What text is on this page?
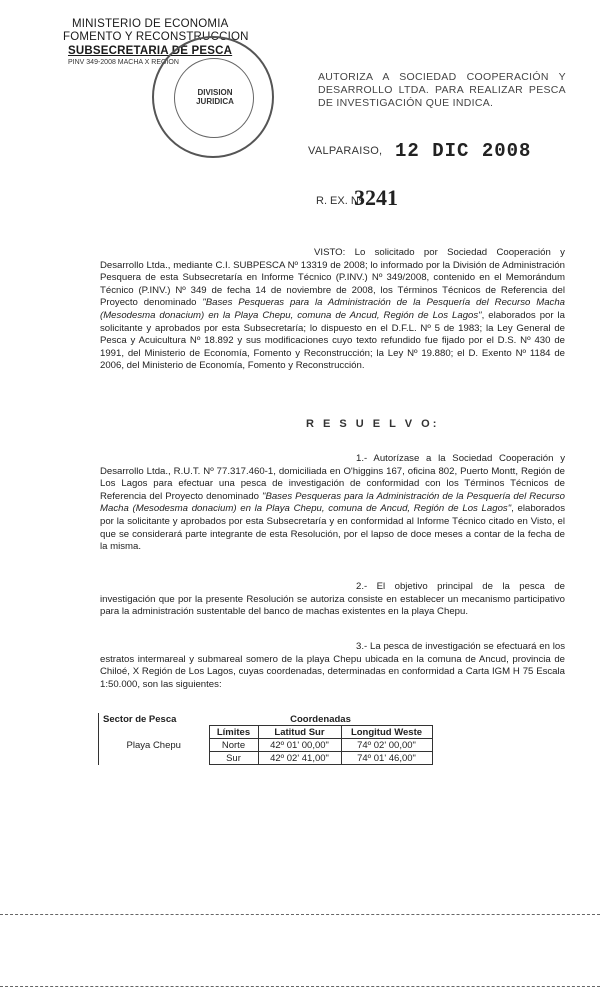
MINISTERIO DE ECONOMIA
FOMENTO Y RECONSTRUCCION
SUBSECRETARIA DE PESCA
PINV 349-2008 MACHA X REGION
DIVISION JURIDICA
AUTORIZA A SOCIEDAD COOPERACIÓN Y DESARROLLO LTDA. PARA REALIZAR PESCA DE INVESTIGACIÓN QUE INDICA.
VALPARAISO, 12 DIC 2008
R. EX. Nº
3241
VISTO: Lo solicitado por Sociedad Cooperación y Desarrollo Ltda., mediante C.I. SUBPESCA Nº 13319 de 2008; lo informado por la División de Administración Pesquera de esta Subsecretaría en Informe Técnico (P.INV.) Nº 349/2008, contenido en el Memorándum Técnico (P.INV.) Nº 349 de fecha 14 de noviembre de 2008, los Términos Técnicos de Referencia del Proyecto denominado "Bases Pesqueras para la Administración de la Pesquería del Recurso Macha (Mesodesma donacium) en la Playa Chepu, comuna de Ancud, Región de Los Lagos", elaborados por la solicitante y aprobados por esta Subsecretaría; lo dispuesto en el D.F.L. Nº 5 de 1983; la Ley General de Pesca y Acuicultura Nº 18.892 y sus modificaciones cuyo texto refundido fue fijado por el D.S. Nº 430 de 1991, del Ministerio de Economía, Fomento y Reconstrucción; la Ley Nº 19.880; el D. Exento Nº 1184 de 2006, del Ministerio de Economía, Fomento y Reconstrucción.
R E S U E L V O:
1.- Autorízase a la Sociedad Cooperación y Desarrollo Ltda., R.U.T. Nº 77.317.460-1, domiciliada en O'higgins 167, oficina 802, Puerto Montt, Región de Los Lagos para efectuar una pesca de investigación de conformidad con los Términos Técnicos de Referencia del Proyecto denominado "Bases Pesqueras para la Administración de la Pesquería del Recurso Macha (Mesodesma donacium) en la Playa Chepu, comuna de Ancud, Región de Los Lagos", elaborados por la solicitante y aprobados por esta Subsecretaría y en conformidad al Informe Técnico citado en Visto, el que se considerará parte integrante de esta Resolución, por el lapso de doce meses a contar de la fecha de la misma.
2.- El objetivo principal de la pesca de investigación que por la presente Resolución se autoriza consiste en establecer un mecanismo participativo para la administración sustentable del banco de machas existentes en la playa Chepu.
3.- La pesca de investigación se efectuará en los estratos intermareal y submareal somero de la playa Chepu ubicada en la comuna de Ancud, provincia de Chiloé, X Región de Los Lagos, cuyas coordenadas, determinadas en conformidad a Carta IGM H 75 Escala 1:50.000, son las siguientes:
Sector de Pesca	Coordenadas		
	Límites	Latitud Sur	Longitud Weste
Playa Chepu	Norte	42º 01' 00,00"	74º 02' 00,00"
	Sur	42º 02' 41,00"	74º 01' 46,00"
